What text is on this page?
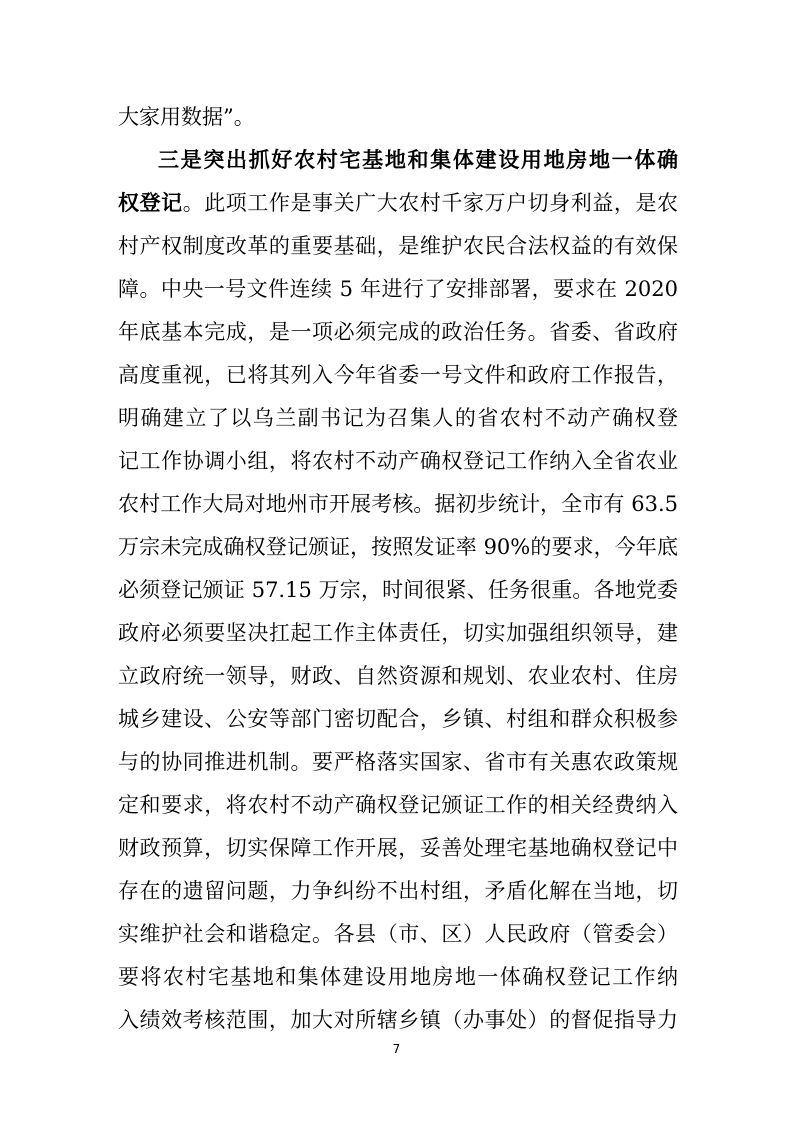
大家用数据”。
三是突出抓好农村宅基地和集体建设用地房地一体确
权登记。此项工作是事关广大农村千家万户切身利益，是农
村产权制度改革的重要基础，是维护农民合法权益的有效保
障。中央一号文件连续 5 年进行了安排部署，要求在 2020
年底基本完成，是一项必须完成的政治任务。省委、省政府
高度重视，已将其列入今年省委一号文件和政府工作报告，
明确建立了以乌兰副书记为召集人的省农村不动产确权登
记工作协调小组，将农村不动产确权登记工作纳入全省农业
农村工作大局对地州市开展考核。据初步统计，全市有 63.5
万宗未完成确权登记颁证，按照发证率 90%的要求，今年底
必须登记颁证 57.15 万宗，时间很紧、任务很重。各地党委
政府必须要坚决扛起工作主体责任，切实加强组织领导，建
立政府统一领导，财政、自然资源和规划、农业农村、住房
城乡建设、公安等部门密切配合，乡镇、村组和群众积极参
与的协同推进机制。要严格落实国家、省市有关惠农政策规
定和要求，将农村不动产确权登记颁证工作的相关经费纳入
财政预算，切实保障工作开展，妥善处理宅基地确权登记中
存在的遗留问题，力争纠纷不出村组，矛盾化解在当地，切
实维护社会和谐稳定。各县（市、区）人民政府（管委会）
要将农村宅基地和集体建设用地房地一体确权登记工作纳
入绩效考核范围，加大对所辖乡镇（办事处）的督促指导力
7
